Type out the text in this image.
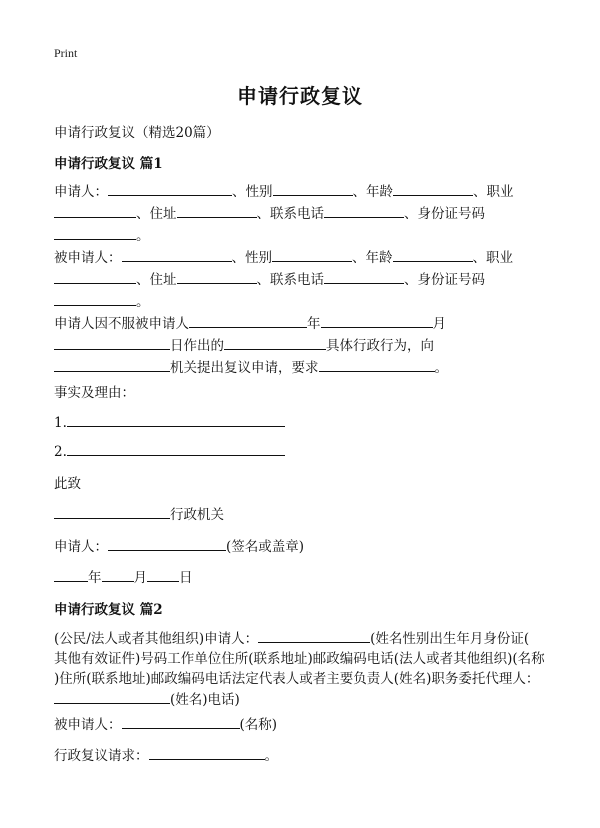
Print
申请行政复议
申请行政复议（精选20篇）
申请行政复议 篇1
申请人：	、性别	、年龄	、职业
、住址	、联系电话	、身份证号码
。
被申请人：	、性别	、年龄	、职业
、住址	、联系电话	、身份证号码
。
申请人因不服被申请人	年	月
日作出的	具体行政行为，向
机关提出复议申请，要求	。
事实及理由：
1.
2.
此致
行政机关
申请人：	(签名或盖章)
年 月 日
申请行政复议 篇2
(公民/法人或者其他组织)申请人：	(姓名性别出生年月身份证(
其他有效证件)号码工作单位住所(联系地址)邮政编码电话(法人或者其他组织)(名称
)住所(联系地址)邮政编码电话法定代表人或者主要负责人(姓名)职务委托代理人：
(姓名)电话)
被申请人：	(名称)
行政复议请求：	。
